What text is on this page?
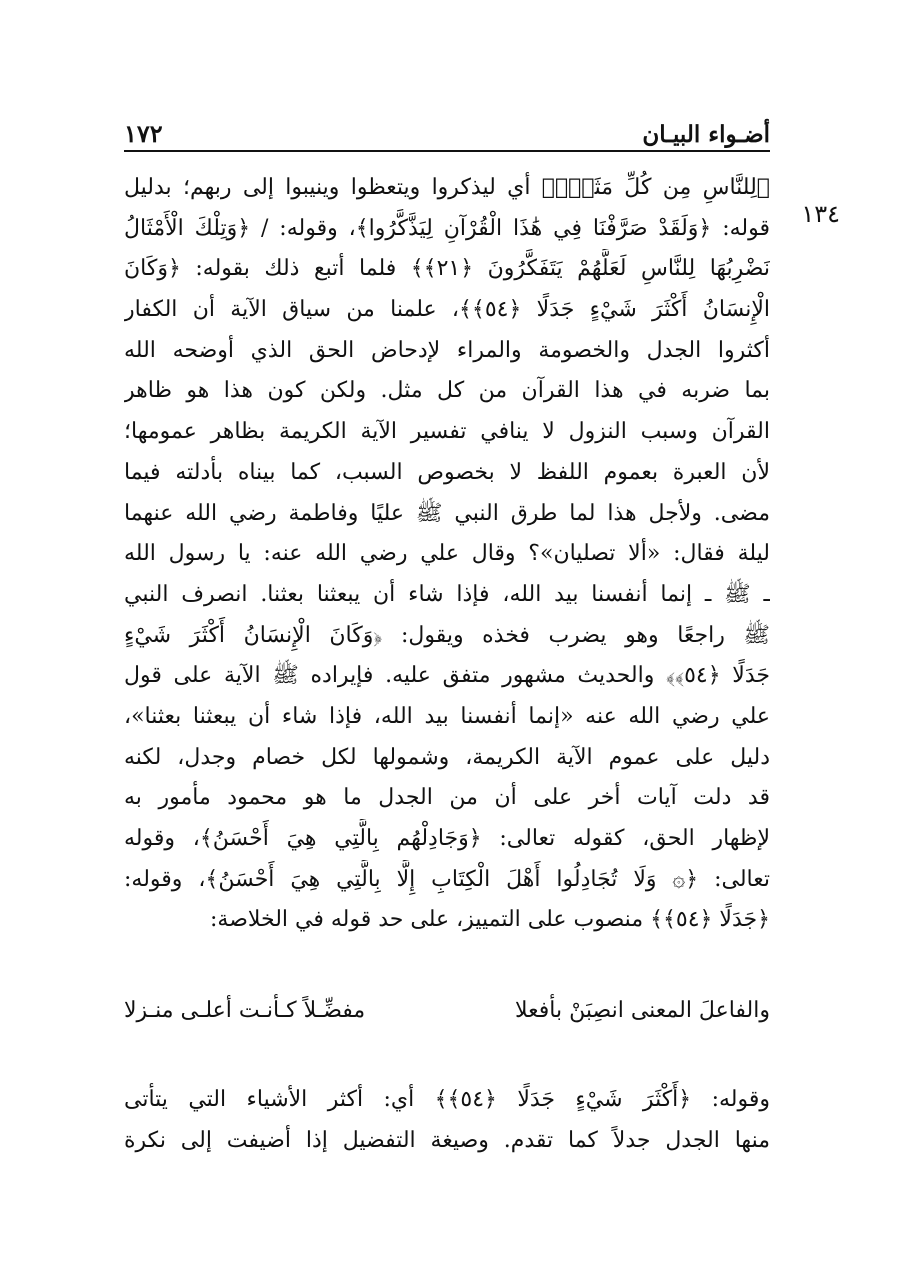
أضـواء البيـان
١٧٢
١٣٤
﴿لِلنَّاسِ مِن كُلِّ مَثَلٍۚ﴾ أي ليذكروا ويتعظوا وينيبوا إلى ربهم؛ بدليل
قوله: ﴿وَلَقَدْ صَرَّفْنَا فِي هَٰذَا الْقُرْآنِ لِيَذَّكَّرُوا﴾، وقوله: / ﴿وَتِلْكَ الْأَمْثَالُ
نَضْرِبُهَا لِلنَّاسِ لَعَلَّهُمْ يَتَفَكَّرُونَ ﴿٢١﴾﴾ فلما أتبع ذلك بقوله: ﴿وَكَانَ
الْإِنسَانُ أَكْثَرَ شَيْءٍ جَدَلًا ﴿٥٤﴾﴾، علمنا من سياق الآية أن الكفار
أكثروا الجدل والخصومة والمراء لإدحاض الحق الذي أوضحه الله
بما ضربه في هذا القرآن من كل مثل. ولكن كون هذا هو ظاهر
القرآن وسبب النزول لا ينافي تفسير الآية الكريمة بظاهر عمومها؛
لأن العبرة بعموم اللفظ لا بخصوص السبب، كما بيناه بأدلته فيما
مضى. ولأجل هذا لما طرق النبي ﷺ عليًا وفاطمة رضي الله عنهما
ليلة فقال: «ألا تصليان»؟ وقال علي رضي الله عنه: يا رسول الله
ـ ﷺ ـ إنما أنفسنا بيد الله، فإذا شاء أن يبعثنا بعثنا. انصرف النبي
ﷺ راجعًا وهو يضرب فخذه ويقول: ﴿وَكَانَ الْإِنسَانُ أَكْثَرَ شَيْءٍ
جَدَلًا ﴿٥٤﴾﴾ والحديث مشهور متفق عليه. فإيراده ﷺ الآية على قول
علي رضي الله عنه «إنما أنفسنا بيد الله، فإذا شاء أن يبعثنا بعثنا»،
دليل على عموم الآية الكريمة، وشمولها لكل خصام وجدل، لكنه
قد دلت آيات أخر على أن من الجدل ما هو محمود مأمور به
لإظهار الحق، كقوله تعالى: ﴿وَجَادِلْهُم بِالَّتِي هِيَ أَحْسَنُ﴾، وقوله
تعالى: ﴿۞ وَلَا تُجَادِلُوا أَهْلَ الْكِتَابِ إِلَّا بِالَّتِي هِيَ أَحْسَنُ﴾، وقوله:
﴿جَدَلًا ﴿٥٤﴾﴾ منصوب على التمييز، على حد قوله في الخلاصة:
والفاعلَ المعنى انصِبَنْ بأفعلا
مفضِّـلاً كـأنـت أعلـى منـزلا
وقوله: ﴿أَكْثَرَ شَيْءٍ جَدَلًا ﴿٥٤﴾﴾ أي: أكثر الأشياء التي يتأتى
منها الجدل جدلاً كما تقدم. وصيغة التفضيل إذا أضيفت إلى نكرة
